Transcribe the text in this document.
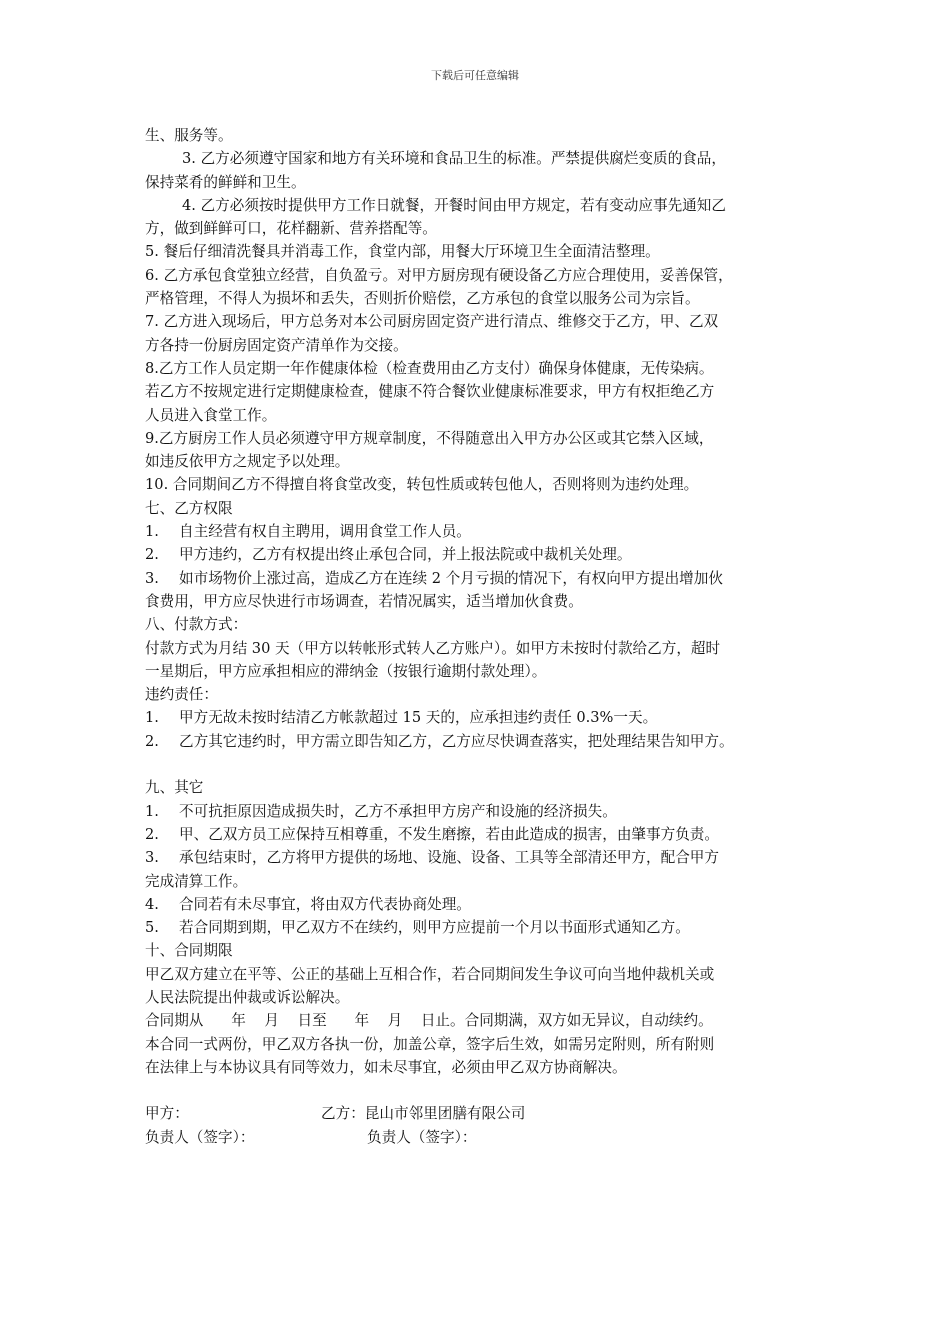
下载后可任意编辑

生、服务等。

3. 乙方必须遵守国家和地方有关环境和食品卫生的标准。严禁提供腐烂变质的食品，

保持菜肴的鲜鲜和卫生。

4. 乙方必须按时提供甲方工作日就餐，开餐时间由甲方规定，若有变动应事先通知乙

方，做到鲜鲜可口，花样翻新、营养搭配等。

5. 餐后仔细清洗餐具并消毒工作，食堂内部，用餐大厅环境卫生全面清洁整理。

6. 乙方承包食堂独立经营，自负盈亏。对甲方厨房现有硬设备乙方应合理使用，妥善保管，

严格管理，不得人为损坏和丢失，否则折价赔偿，乙方承包的食堂以服务公司为宗旨。

7. 乙方进入现场后，甲方总务对本公司厨房固定资产进行清点、维修交于乙方，甲、乙双

方各持一份厨房固定资产清单作为交接。

8.乙方工作人员定期一年作健康体检（检查费用由乙方支付）确保身体健康，无传染病。

若乙方不按规定进行定期健康检查，健康不符合餐饮业健康标准要求，甲方有权拒绝乙方

人员进入食堂工作。

9.乙方厨房工作人员必须遵守甲方规章制度，不得随意出入甲方办公区或其它禁入区域，

如违反依甲方之规定予以处理。

10. 合同期间乙方不得擅自将食堂改变，转包性质或转包他人，否则将则为违约处理。

七、乙方权限

1.	自主经营有权自主聘用，调用食堂工作人员。
2.	甲方违约，乙方有权提出终止承包合同，并上报法院或中裁机关处理。
3.	如市场物价上涨过高，造成乙方在连续 2 个月亏损的情况下，有权向甲方提出增加伙

食费用，甲方应尽快进行市场调查，若情况属实，适当增加伙食费。

八、付款方式：

付款方式为月结 30 天（甲方以转帐形式转人乙方账户）。如甲方未按时付款给乙方，超时

一星期后，甲方应承担相应的滞纳金（按银行逾期付款处理）。

违约责任：

1.	甲方无故未按时结清乙方帐款超过 15 天的，应承担违约责任 0.3%一天。
2.	乙方其它违约时，甲方需立即告知乙方，乙方应尽快调查落实，把处理结果告知甲方。

九、其它

1.	不可抗拒原因造成损失时，乙方不承担甲方房产和设施的经济损失。
2.	甲、乙双方员工应保持互相尊重，不发生磨擦，若由此造成的损害，由肇事方负责。
3.	承包结束时，乙方将甲方提供的场地、设施、设备、工具等全部清还甲方，配合甲方

完成清算工作。

4.	合同若有未尽事宜，将由双方代表协商处理。
5.	若合同期到期，甲乙双方不在续约，则甲方应提前一个月以书面形式通知乙方。

十、合同期限

甲乙双方建立在平等、公正的基础上互相合作，若合同期间发生争议可向当地仲裁机关或

人民法院提出仲裁或诉讼解决。

合同期从      年    月    日至      年    月    日止。合同期满，双方如无异议，自动续约。

本合同一式两份，甲乙双方各执一份，加盖公章，签字后生效，如需另定附则，所有附则

在法律上与本协议具有同等效力，如未尽事宜，必须由甲乙双方协商解决。

甲方：	乙方：昆山市邻里团膳有限公司
负责人（签字）：	负责人（签字）：
